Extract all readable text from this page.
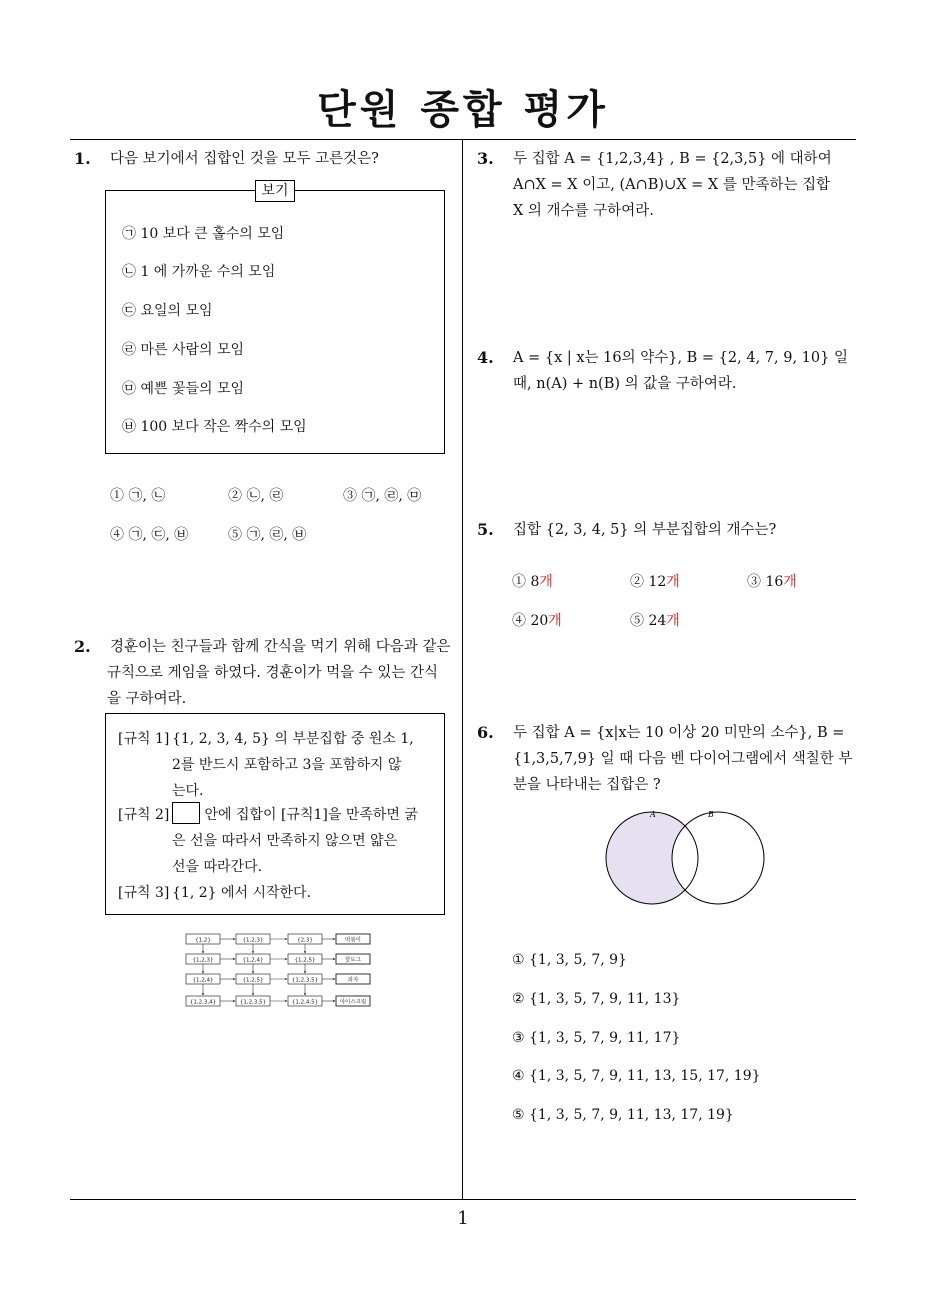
단원 종합 평가
1
1. 다음 보기에서 집합인 것을 모두 고른것은?
보기
㉠ 10 보다 큰 홀수의 모임
㉡ 1 에 가까운 수의 모임
㉢ 요일의 모임
㉣ 마른 사람의 모임
㉤ 예쁜 꽃들의 모임
㉥ 100 보다 작은 짝수의 모임
① ㉠, ㉡	② ㉡, ㉣	③ ㉠, ㉣, ㉤
④ ㉠, ㉢, ㉥	⑤ ㉠, ㉣, ㉥
2. 경훈이는 친구들과 함께 간식을 먹기 위해 다음과 같은
규칙으로 게임을 하였다. 경훈이가 먹을 수 있는 간식
을 구하여라.
[규칙 1] {1, 2, 3, 4, 5} 의 부분집합 중 원소 1,
2를 반드시 포함하고 3을 포함하지 않
는다.
[규칙 2]	안에 집합이 [규칙1]을 만족하면 굵
은 선을 따라서 만족하지 않으면 얇은
선을 따라간다.
[규칙 3] {1, 2} 에서 시작한다.
{1,2}	{1,2,3}	{2,3}	떡볶이
{1,2,3}	{1,2,4}	{1,2,5}	핫도그
{1,2,4}	{1,2,5}	{1,2,3,5}	피자
{1,2,3,4}	{1,2,3,5}	{1,2,4,5}	아이스크림
3. 두 집합 A = {1,2,3,4} , B = {2,3,5} 에 대하여
A∩X = X 이고, (A∩B)∪X = X 를 만족하는 집합
X 의 개수를 구하여라.
4. A = {x | x는 16의 약수}, B = {2, 4, 7, 9, 10} 일
때, n(A) + n(B) 의 값을 구하여라.
5. 집합 {2, 3, 4, 5} 의 부분집합의 개수는?
① 8개	② 12개	③ 16개
④ 20개	⑤ 24개
6. 두 집합 A = {x|x는 10 이상 20 미만의 소수}, B =
{1,3,5,7,9} 일 때 다음 벤 다이어그램에서 색칠한 부
분을 나타내는 집합은 ?
A	B
① {1, 3, 5, 7, 9}
② {1, 3, 5, 7, 9, 11, 13}
③ {1, 3, 5, 7, 9, 11, 17}
④ {1, 3, 5, 7, 9, 11, 13, 15, 17, 19}
⑤ {1, 3, 5, 7, 9, 11, 13, 17, 19}
